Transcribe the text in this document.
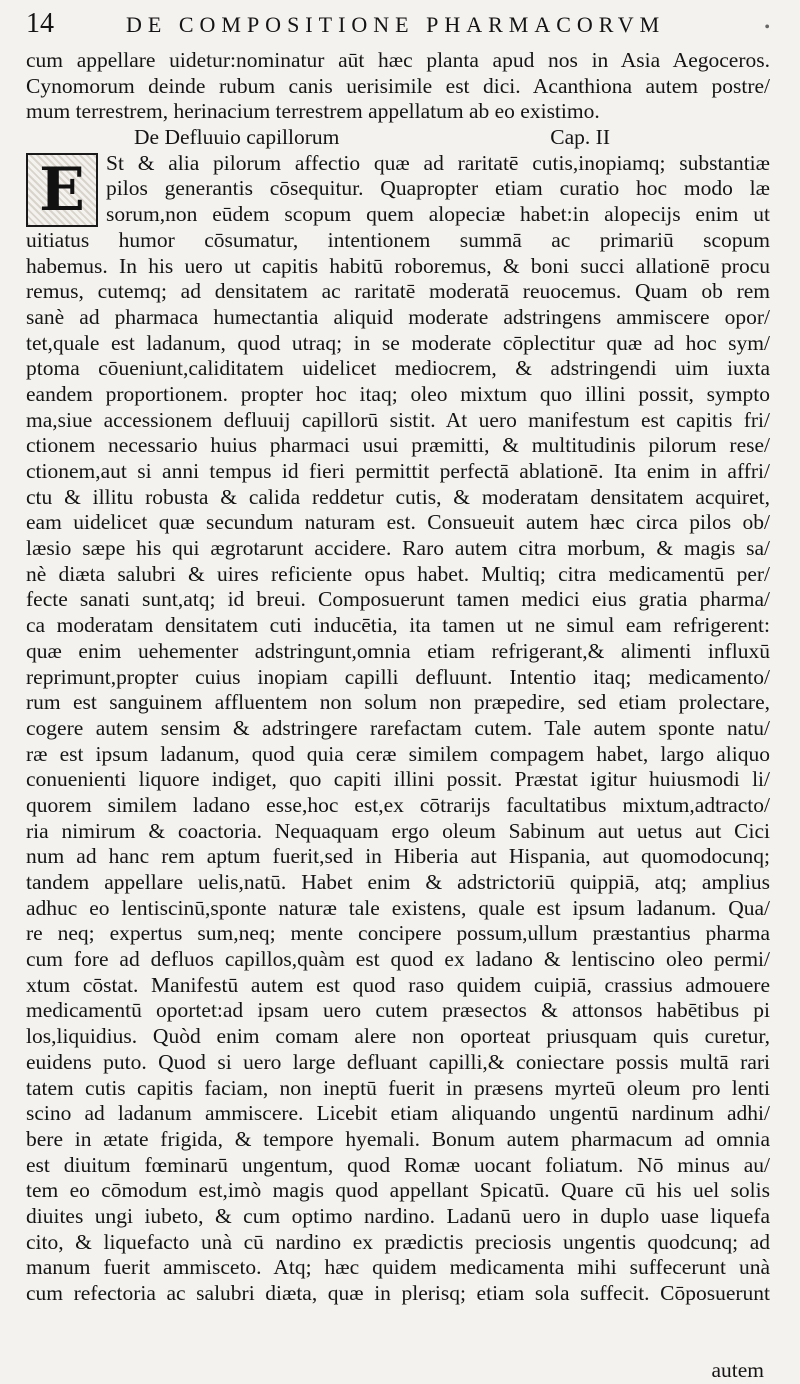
14	DE COMPOSITIONE PHARMACORVM	•
cum appellare uidetur:nominatur aūt hæc planta apud nos in Asia Aegoceros.
Cynomorum deinde rubum canis uerisimile est dici. Acanthiona autem postre/
mum terrestrem, herinacium terrestrem appellatum ab eo existimo.
De Defluuio capillorum	Cap. II
E St & alia pilorum affectio quæ ad raritatē cutis,inopiamq; substantiæ
pilos generantis cōsequitur. Quapropter etiam curatio hoc modo læ
sorum,non eūdem scopum quem alopeciæ habet:in alopecijs enim ut
uitiatus humor cōsumatur, intentionem summā ac primariū scopum
habemus. In his uero ut capitis habitū roboremus, & boni succi allationē procu
remus, cutemq; ad densitatem ac raritatē moderatā reuocemus. Quam ob rem
sanè ad pharmaca humectantia aliquid moderate adstringens ammiscere opor/
tet,quale est ladanum, quod utraq; in se moderate cōplectitur quæ ad hoc sym/
ptoma cōueniunt,caliditatem uidelicet mediocrem, & adstringendi uim iuxta
eandem proportionem. propter hoc itaq; oleo mixtum quo illini possit, sympto
ma,siue accessionem defluuij capillorū sistit. At uero manifestum est capitis fri/
ctionem necessario huius pharmaci usui præmitti, & multitudinis pilorum rese/
ctionem,aut si anni tempus id fieri permittit perfectā ablationē. Ita enim in affri/
ctu & illitu robusta & calida reddetur cutis, & moderatam densitatem acquiret,
eam uidelicet quæ secundum naturam est. Consueuit autem hæc circa pilos ob/
læsio sæpe his qui ægrotarunt accidere. Raro autem citra morbum, & magis sa/
nè diæta salubri & uires reficiente opus habet. Multiq; citra medicamentū per/
fecte sanati sunt,atq; id breui. Composuerunt tamen medici eius gratia pharma/
ca moderatam densitatem cuti inducētia, ita tamen ut ne simul eam refrigerent:
quæ enim uehementer adstringunt,omnia etiam refrigerant,& alimenti influxū
reprimunt,propter cuius inopiam capilli defluunt. Intentio itaq; medicamento/
rum est sanguinem affluentem non solum non præpedire, sed etiam prolectare,
cogere autem sensim & adstringere rarefactam cutem. Tale autem sponte natu/
ræ est ipsum ladanum, quod quia ceræ similem compagem habet, largo aliquo
conuenienti liquore indiget, quo capiti illini possit. Præstat igitur huiusmodi li/
quorem similem ladano esse,hoc est,ex cōtrarijs facultatibus mixtum,adtracto/
ria nimirum & coactoria. Nequaquam ergo oleum Sabinum aut uetus aut Cici
num ad hanc rem aptum fuerit,sed in Hiberia aut Hispania, aut quomodocunq;
tandem appellare uelis,natū. Habet enim & adstrictoriū quippiā, atq; amplius
adhuc eo lentiscinū,sponte naturæ tale existens, quale est ipsum ladanum. Qua/
re neq; expertus sum,neq; mente concipere possum,ullum præstantius pharma
cum fore ad defluos capillos,quàm est quod ex ladano & lentiscino oleo permi/
xtum cōstat. Manifestū autem est quod raso quidem cuipiā, crassius admouere
medicamentū oportet:ad ipsam uero cutem præsectos & attonsos habētibus pi
los,liquidius. Quòd enim comam alere non oporteat priusquam quis curetur,
euidens puto. Quod si uero large defluant capilli,& coniectare possis multā rari
tatem cutis capitis faciam, non ineptū fuerit in præsens myrteū oleum pro lenti
scino ad ladanum ammiscere. Licebit etiam aliquando ungentū nardinum adhi/
bere in ætate frigida, & tempore hyemali. Bonum autem pharmacum ad omnia
est diuitum fœminarū ungentum, quod Romæ uocant foliatum. Nō minus au/
tem eo cōmodum est,imò magis quod appellant Spicatū. Quare cū his uel solis
diuites ungi iubeto, & cum optimo nardino. Ladanū uero in duplo uase liquefa
cito, & liquefacto unà cū nardino ex prædictis preciosis ungentis quodcunq; ad
manum fuerit ammisceto. Atq; hæc quidem medicamenta mihi suffecerunt unà
cum refectoria ac salubri diæta, quæ in plerisq; etiam sola suffecit. Cōposuerunt
autem
